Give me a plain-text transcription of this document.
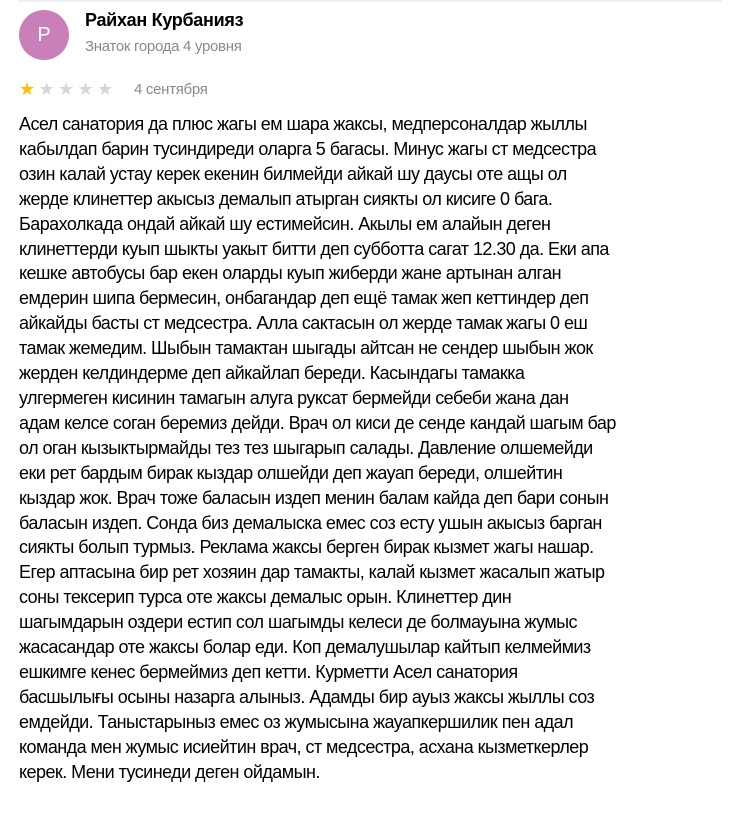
Р
Райхан Курбанияз
Знаток города 4 уровня
★ ★ ★ ★ ★ 4 сентября
Асел санатория да плюс жагы ем шара жаксы, медперсоналдар жыллы
кабылдап барин тусиндиреди оларга 5 багасы. Минус жагы ст медсестра
озин калай устау керек екенин билмейди айкай шу даусы оте ащы ол
жерде клинеттер акысыз демалып атырган сиякты ол кисиге 0 бага.
Барахолкада ондай айкай шу естимейсин. Акылы ем алайын деген
клинеттерди куып шыкты уакыт битти деп субботта сагат 12.30 да. Еки апа
кешке автобусы бар екен оларды куып жиберди жане артынан алган
емдерин шипа бермесин, онбагандар деп ещё тамак жеп кеттиндер деп
айкайды басты ст медсестра. Алла сактасын ол жерде тамак жагы 0 еш
тамак жемедим. Шыбын тамактан шыгады айтсан не сендер шыбын жок
жерден келдиндерме деп айкайлап береди. Касындагы тамакка
улгермеген кисинин тамагын алуга руксат бермейди себеби жана дан
адам келсе соган беремиз дейди. Врач ол киси де сенде кандай шагым бар
ол оган кызыктырмайды тез тез шыгарып салады. Давление олшемейди
еки рет бардым бирак кыздар олшейди деп жауап береди, олшейтин
кыздар жок. Врач тоже баласын издеп менин балам кайда деп бари сонын
баласын издеп. Сонда биз демалыска емес соз есту ушын акысыз барган
сиякты болып турмыз. Реклама жаксы берген бирак кызмет жагы нашар.
Егер аптасына бир рет хозяин дар тамакты, калай кызмет жасалып жатыр
соны тексерип турса оте жаксы демалыс орын. Клинеттер дин
шагымдарын оздери естип сол шагымды келеси де болмауына жумыс
жасасандар оте жаксы болар еди. Коп демалушылар кайтып келмеймиз
ешкимге кенес бермеймиз деп кетти. Курметти Асел санатория
басшылығы осыны назарга алыныз. Адамды бир ауыз жаксы жыллы соз
емдейди. Таныстарыныз емес оз жумысына жауапкершилик пен адал
команда мен жумыс исиейтин врач, ст медсестра, асхана кызметкерлер
керек. Мени тусинеди деген ойдамын.
